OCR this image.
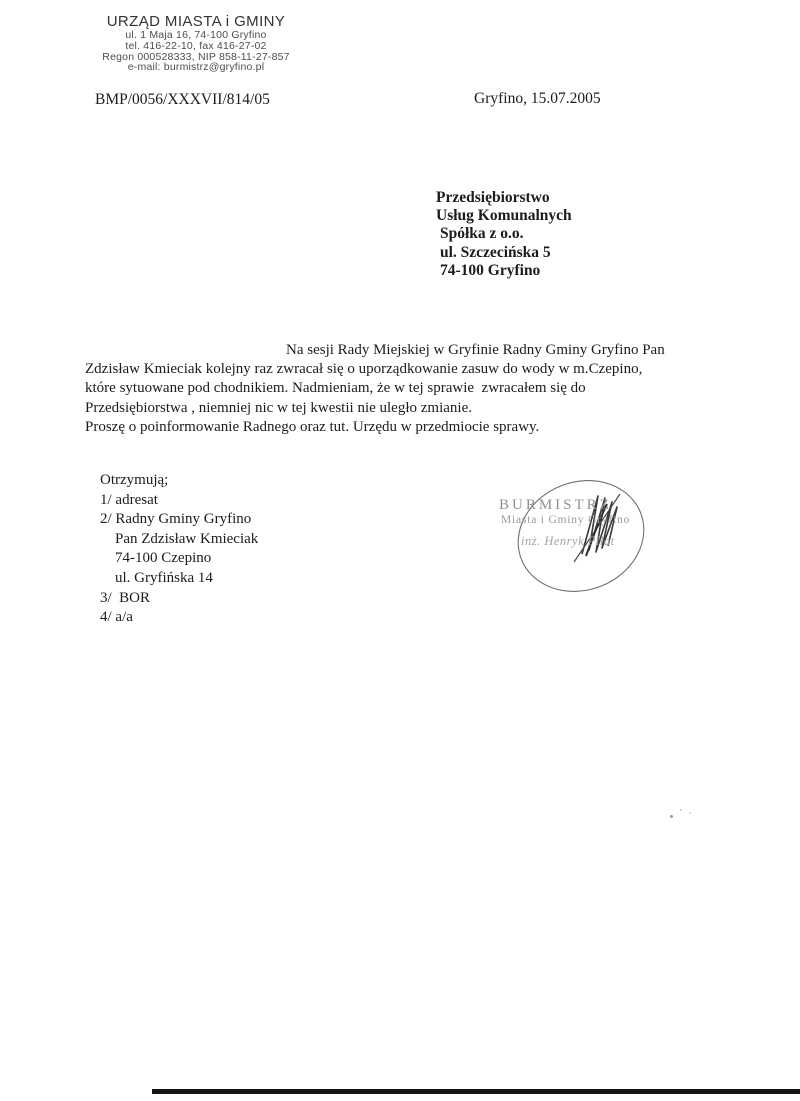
URZĄD MIASTA i GMINY
ul. 1 Maja 16, 74-100 Gryfino
tel. 416-22-10, fax 416-27-02
Regon 000528333, NIP 858-11-27-857
e-mail: burmistrz@gryfino.pl
BMP/0056/XXXVII/814/05	Gryfino, 15.07.2005
Przedsiębiorstwo
Usług Komunalnych
Spółka z o.o.
ul. Szczecińska 5
74-100 Gryfino
Na sesji Rady Miejskiej w Gryfinie Radny Gminy Gryfino Pan
Zdzisław Kmieciak kolejny raz zwracał się o uporządkowanie zasuw do wody w m.Czepino,
które sytuowane pod chodnikiem. Nadmieniam, że w tej sprawie  zwracałem się do
Przedsiębiorstwa , niemniej nic w tej kwestii nie uległo zmianie.
Proszę o poinformowanie Radnego oraz tut. Urzędu w przedmiocie sprawy.
Otrzymują;
1/ adresat
2/ Radny Gminy Gryfino
Pan Zdzisław Kmieciak
74-100 Czepino
ul. Gryfińska 14
3/  BOR
4/ a/a
BURMISTRZ
Miasta i Gminy Gryfino
inż. Henryk Piłat
